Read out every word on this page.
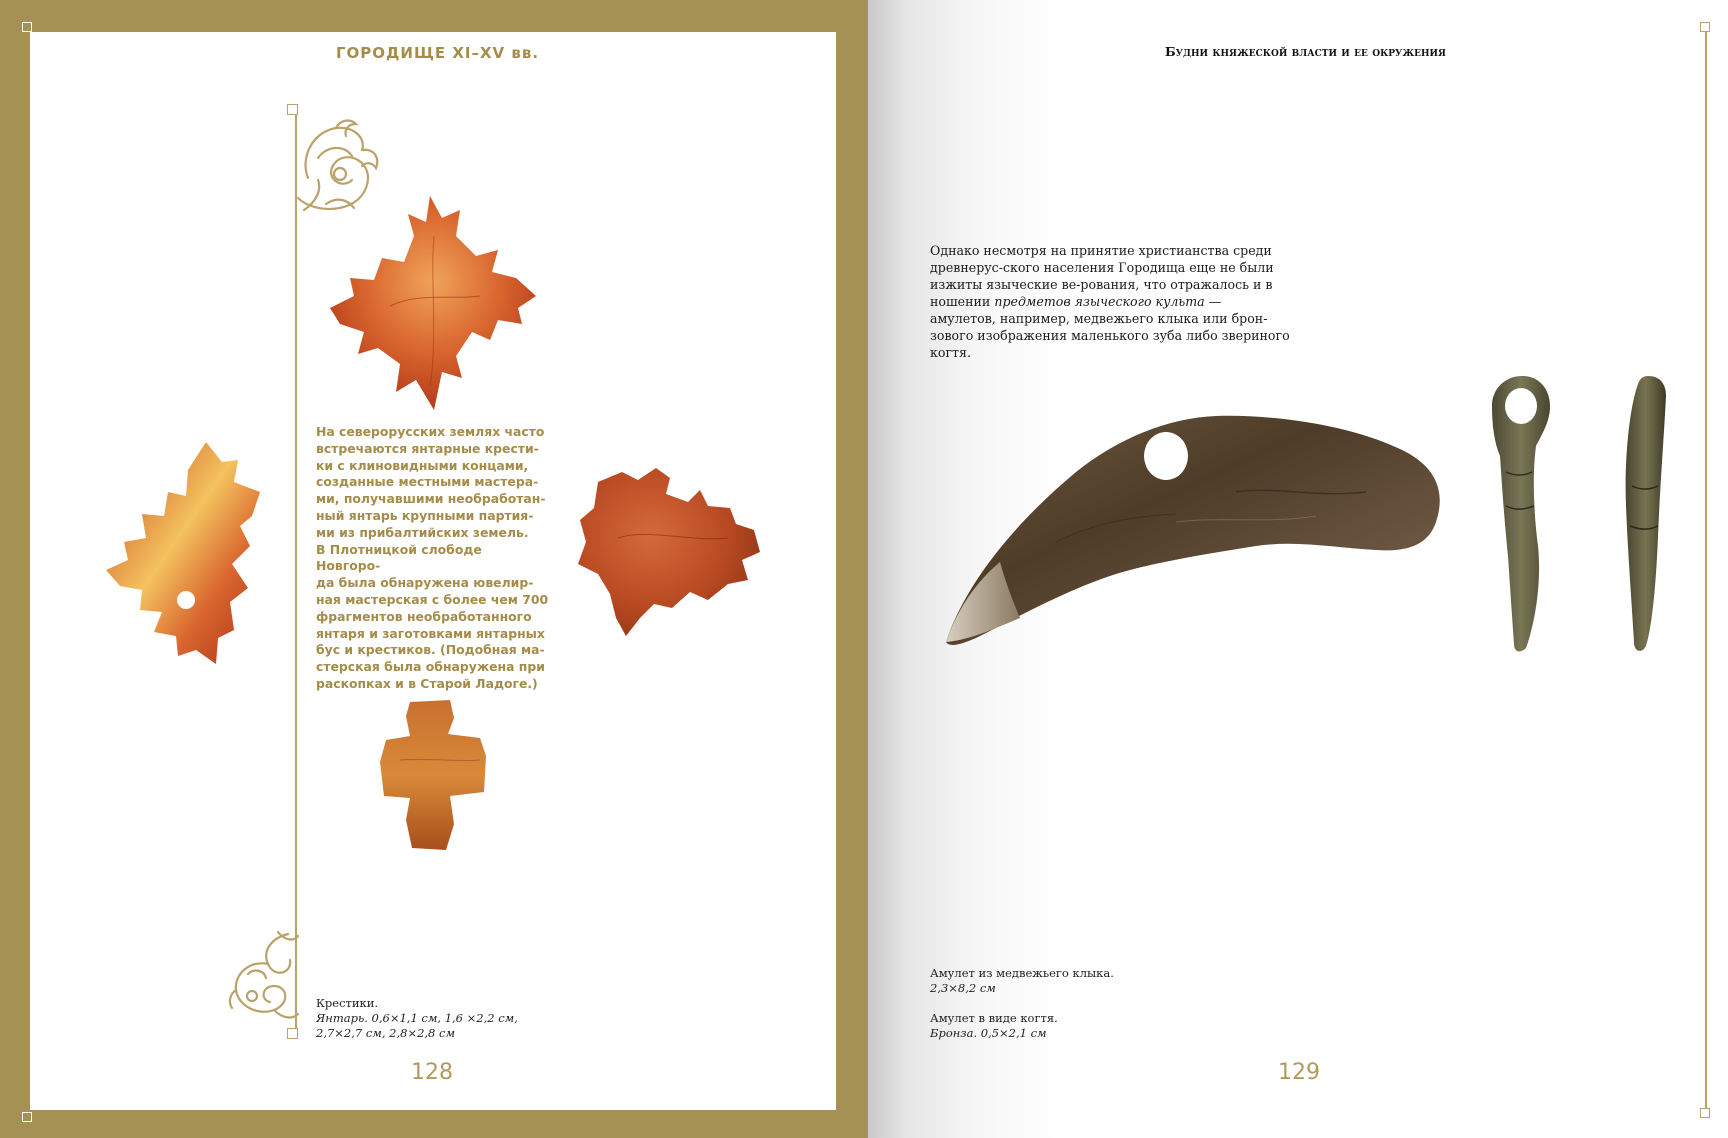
ГОРОДИЩЕ XI–XV вв.
На северорусских землях часто
встречаются янтарные крести-
ки с клиновидными концами,
созданные местными мастера-
ми, получавшими необработан-
ный янтарь крупными партия-
ми из прибалтийских земель.
В Плотницкой слободе Новгоро-
да была обнаружена ювелир-
ная мастерская с более чем 700
фрагментов необработанного
янтаря и заготовками янтарных
бус и крестиков. (Подобная ма-
стерская была обнаружена при
раскопках и в Старой Ладоге.)
Крестики.
Янтарь. 0,6×1,1 см, 1,6 ×2,2 см,
2,7×2,7 см, 2,8×2,8 см
128
Будни княжеской власти и ее окружения
Однако несмотря на принятие христианства среди древнерус-ского населения Городища еще не были изжиты языческие ве-рования, что отражалось и в ношении предметов языческого культа — амулетов, например, медвежьего клыка или брон-зового изображения маленького зуба либо звериного когтя.
Амулет из медвежьего клыка.
2,3×8,2 см
Амулет в виде когтя.
Бронза. 0,5×2,1 см
129
